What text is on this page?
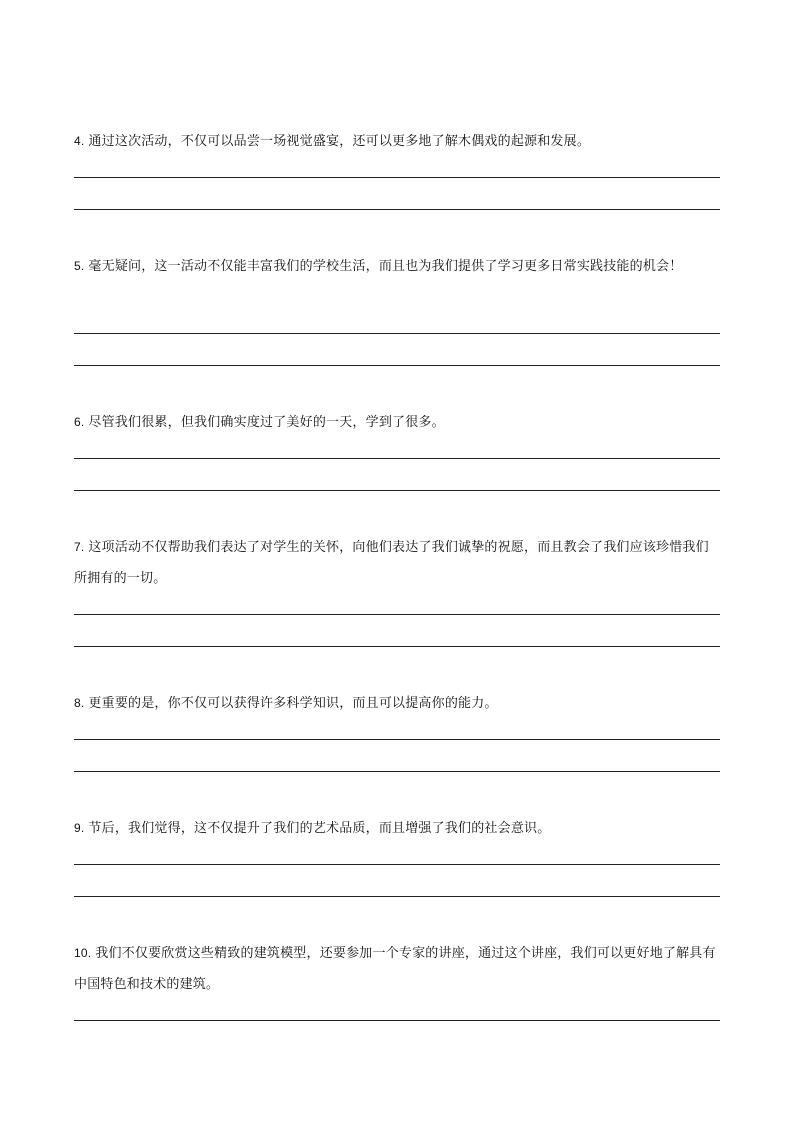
4. 通过这次活动，不仅可以品尝一场视觉盛宴，还可以更多地了解木偶戏的起源和发展。

5. 毫无疑问，这一活动不仅能丰富我们的学校生活，而且也为我们提供了学习更多日常实践技能的机会！

6. 尽管我们很累，但我们确实度过了美好的一天，学到了很多。

7. 这项活动不仅帮助我们表达了对学生的关怀，向他们表达了我们诚挚的祝愿，而且教会了我们应该珍惜我们所拥有的一切。

8. 更重要的是，你不仅可以获得许多科学知识，而且可以提高你的能力。

9. 节后，我们觉得，这不仅提升了我们的艺术品质，而且增强了我们的社会意识。

10. 我们不仅要欣赏这些精致的建筑模型，还要参加一个专家的讲座，通过这个讲座，我们可以更好地了解具有中国特色和技术的建筑。
